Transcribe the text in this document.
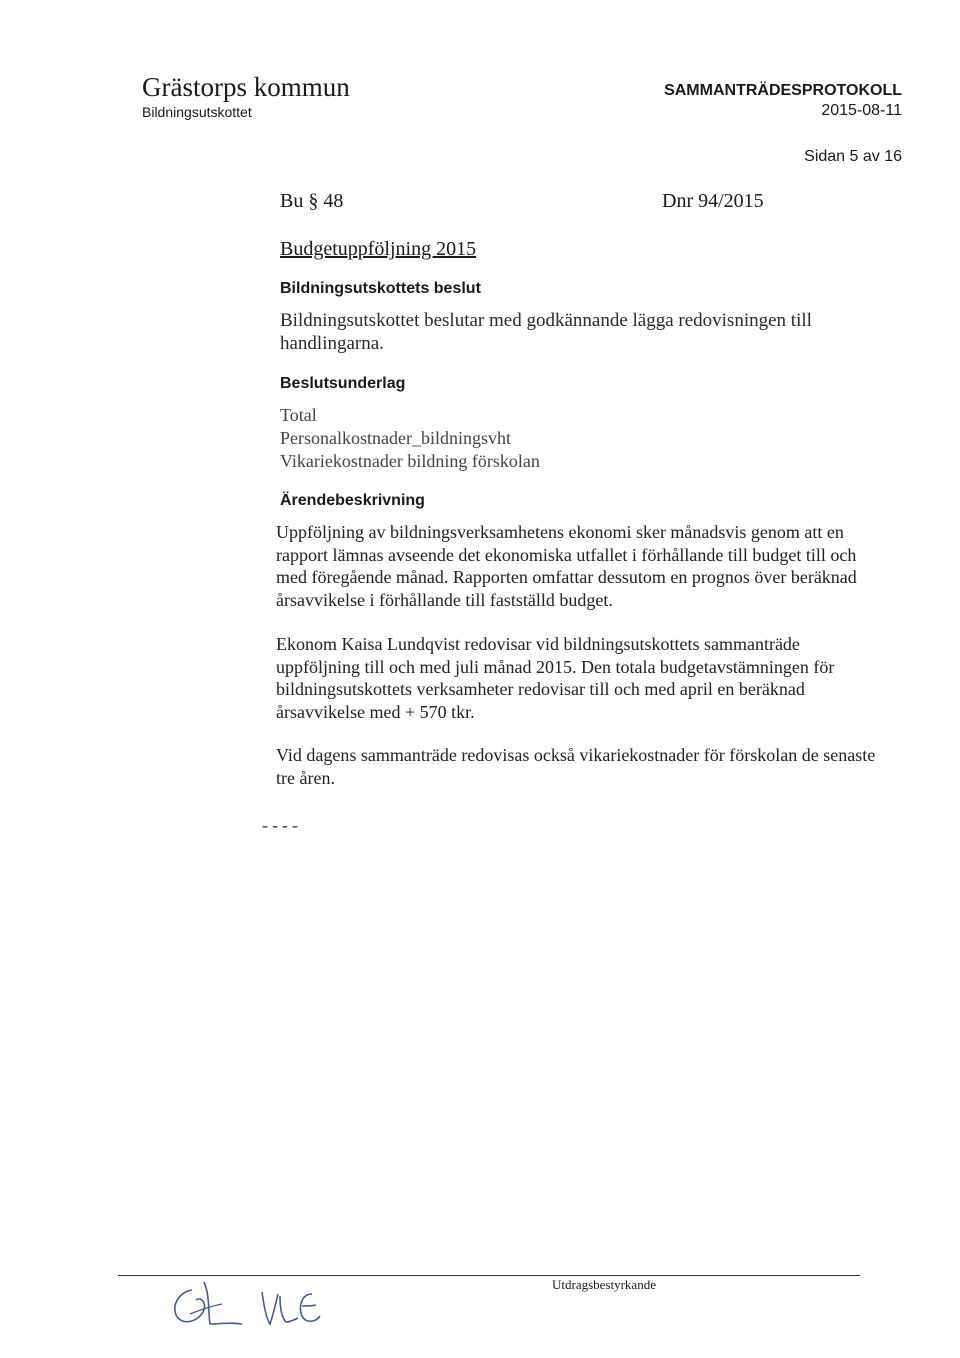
Grästorps kommun
Bildningsutskottet
SAMMANTRÄDESPROTOKOLL
2015-08-11
Sidan 5 av 16
Bu § 48	Dnr 94/2015
Budgetuppföljning 2015
Bildningsutskottets beslut

Bildningsutskottet beslutar med godkännande lägga redovisningen till handlingarna.

Beslutsunderlag
Total
Personalkostnader_bildningsvht
Vikariekostnader bildning förskolan
Ärendebeskrivning

Uppföljning av bildningsverksamhetens ekonomi sker månadsvis genom att en rapport lämnas avseende det ekonomiska utfallet i förhållande till budget till och med föregående månad. Rapporten omfattar dessutom en prognos över beräknad årsavvikelse i förhållande till fastställd budget.

Ekonom Kaisa Lundqvist redovisar vid bildningsutskottets sammanträde uppföljning till och med juli månad 2015. Den totala budgetavstämningen för bildningsutskottets verksamheter redovisar till och med april en beräknad årsavvikelse med + 570 tkr.

Vid dagens sammanträde redovisas också vikariekostnader för förskolan de senaste tre åren.

----
Utdragsbestyrkande
